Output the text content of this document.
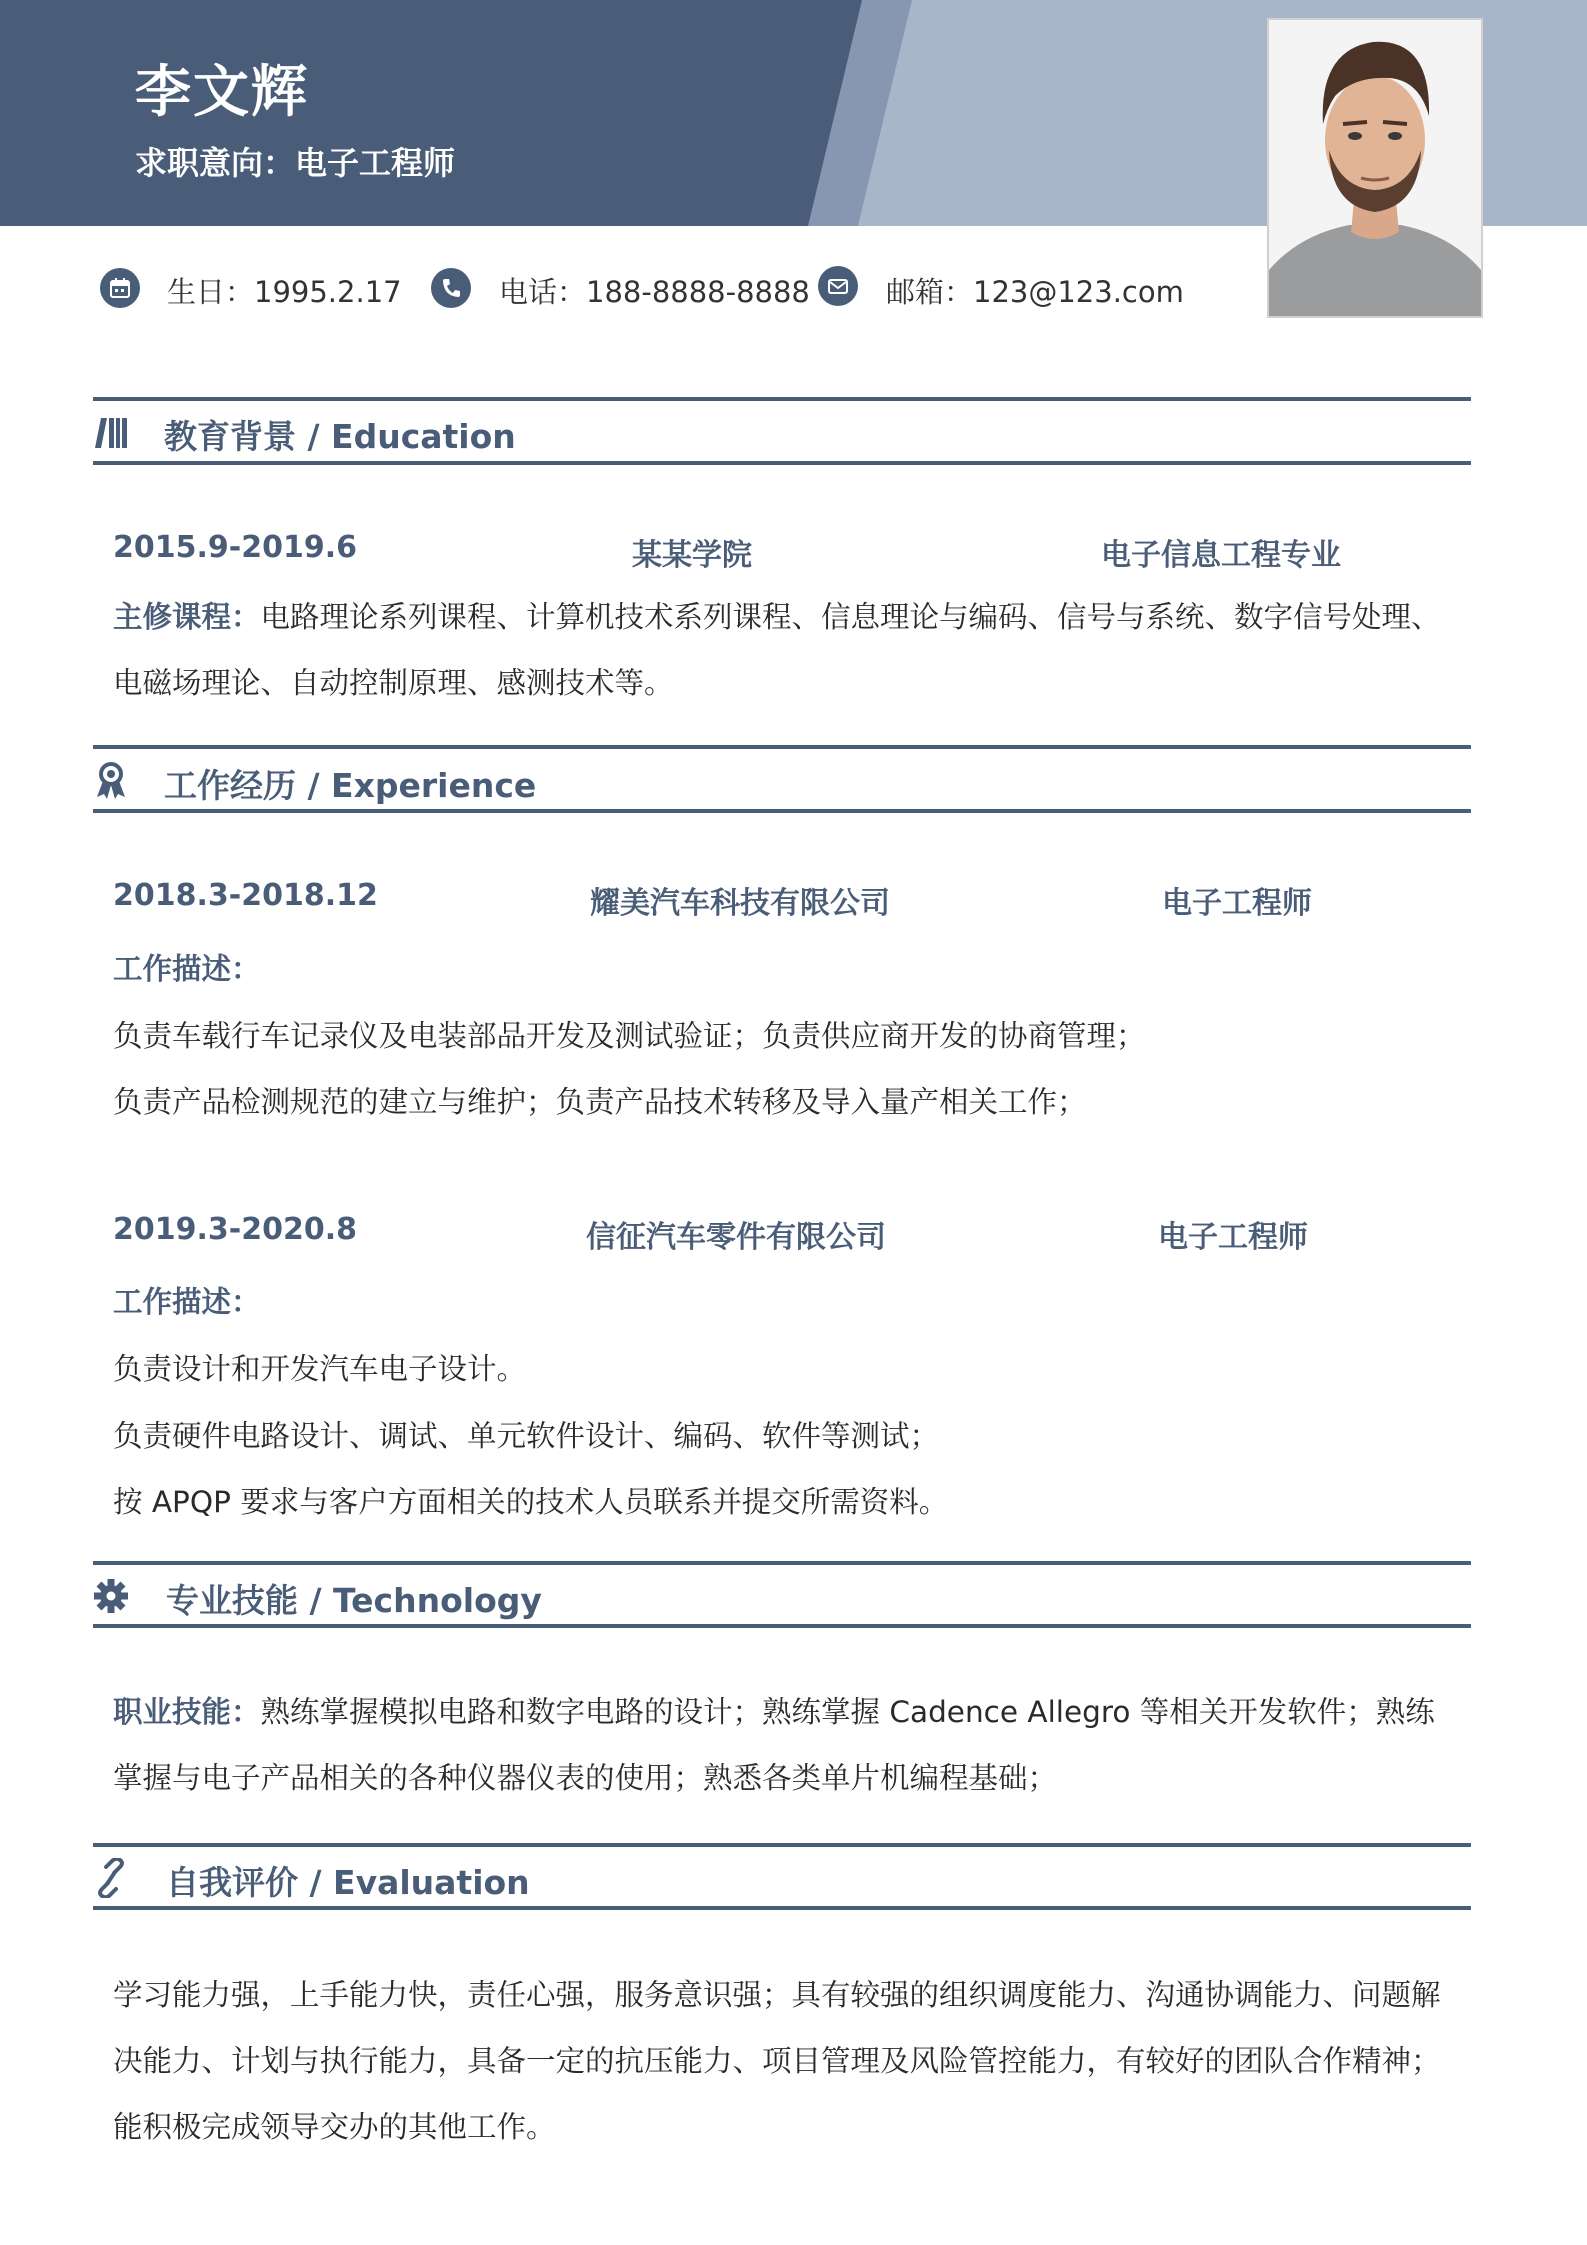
李文辉
求职意向：电子工程师
生日：1995.2.17	电话：188-8888-8888	邮箱：123@123.com
教育背景 / Education
2015.9-2019.6	某某学院	电子信息工程专业
主修课程：电路理论系列课程、计算机技术系列课程、信息理论与编码、信号与系统、数字信号处理、电磁场理论、自动控制原理、感测技术等。
工作经历 / Experience
2018.3-2018.12	耀美汽车科技有限公司	电子工程师
工作描述：
负责车载行车记录仪及电装部品开发及测试验证；负责供应商开发的协商管理；
负责产品检测规范的建立与维护；负责产品技术转移及导入量产相关工作；
2019.3-2020.8	信征汽车零件有限公司	电子工程师
工作描述：
负责设计和开发汽车电子设计。
负责硬件电路设计、调试、单元软件设计、编码、软件等测试；
按 APQP 要求与客户方面相关的技术人员联系并提交所需资料。
专业技能 / Technology
职业技能：熟练掌握模拟电路和数字电路的设计；熟练掌握 Cadence Allegro 等相关开发软件；熟练掌握与电子产品相关的各种仪器仪表的使用；熟悉各类单片机编程基础；
自我评价 / Evaluation
学习能力强，上手能力快，责任心强，服务意识强；具有较强的组织调度能力、沟通协调能力、问题解决能力、计划与执行能力，具备一定的抗压能力、项目管理及风险管控能力，有较好的团队合作精神；能积极完成领导交办的其他工作。
